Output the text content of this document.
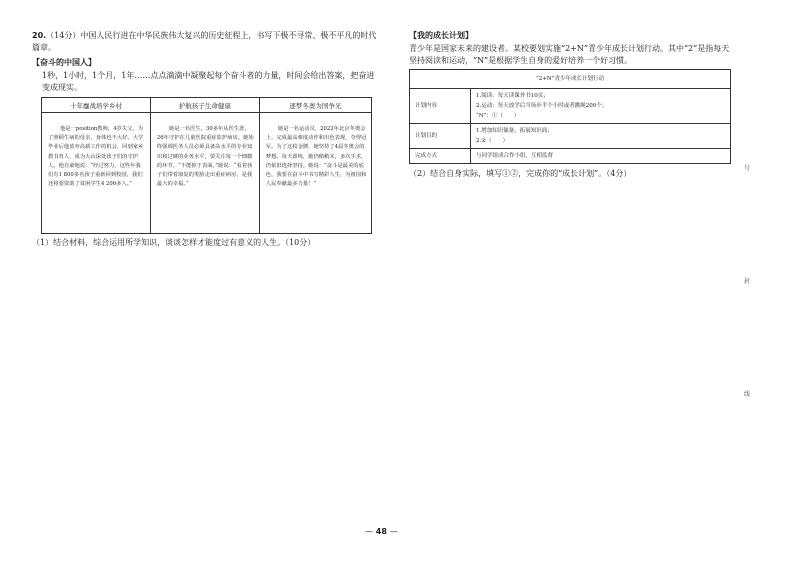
20.（14分）中国人民行进在中华民族伟大复兴的历史征程上，书写下极不寻常、极不平凡的时代篇章。
【奋斗的中国人】
1秒，1小时，1个月，1年……点点滴滴中凝聚起每个奋斗者的力量，时间会给出答案，把奋进变成现实。
十年鏖战培学乡村	护航孩子生命健康	逐梦冬奥为国争光
他是一position教师，4岁失父，为了照顾生病的母亲，身体也不大好。大学毕业后他放弃高薪工作的机会，回到家乡教书育人，成为大山深处孩子们的守护人。他自豪地说：“经过努力，这些年我们有1 800多名孩子重新回到校园，我们还将要资助了贫困学生4 200多人。”	她是一名医生，30多年从医生涯，26年守护在儿童医院重症监护病房。她始终强调医务人员必须具备高水平的专业知识和过硬的业务水平，要关注每一个细微的环节，“不能掉于表面。”她说：“看着孩子们带着康复的笑脸走出重症病房，是我最大的幸福。”	她是一名运动员，2022年北京冬奥会上，完成最高难度动作和出色表现，夺得冠军。为了这枚金牌，她坚持了4届冬奥会的梦想。每天训练，她仍稍稍未，多次手术，仍依旧选择坚持。她说：“奋斗是最美的底色，我要在奋斗中书写精彩人生，为祖国和人民奉献最多力量！”
（1）结合材料，综合运用所学知识，谈谈怎样才能度过有意义的人生。（10分）
【我的成长计划】
青少年是国家未来的建设者。某校要划实施“2+N”青少年成长计划行动。其中“2”是指每天坚持阅读和运动，“N”是根据学生自身的爱好培养一个好习惯。
“2+N”青少年成长计划行动	
计划内容	1.阅读：每天读课外书10页；
2.运动：每天放学后当场步半个小时或者跳绳200个；
“N”：①（　　）

计划目的	1.增加知识储备，拓展知识面；
2.②（　　）

完成方式	与同学组成合作小组，互相监督
（2）结合自身实际，填写①②，完成你的“成长计划”。（4分）
号
封
线
— 48 —
